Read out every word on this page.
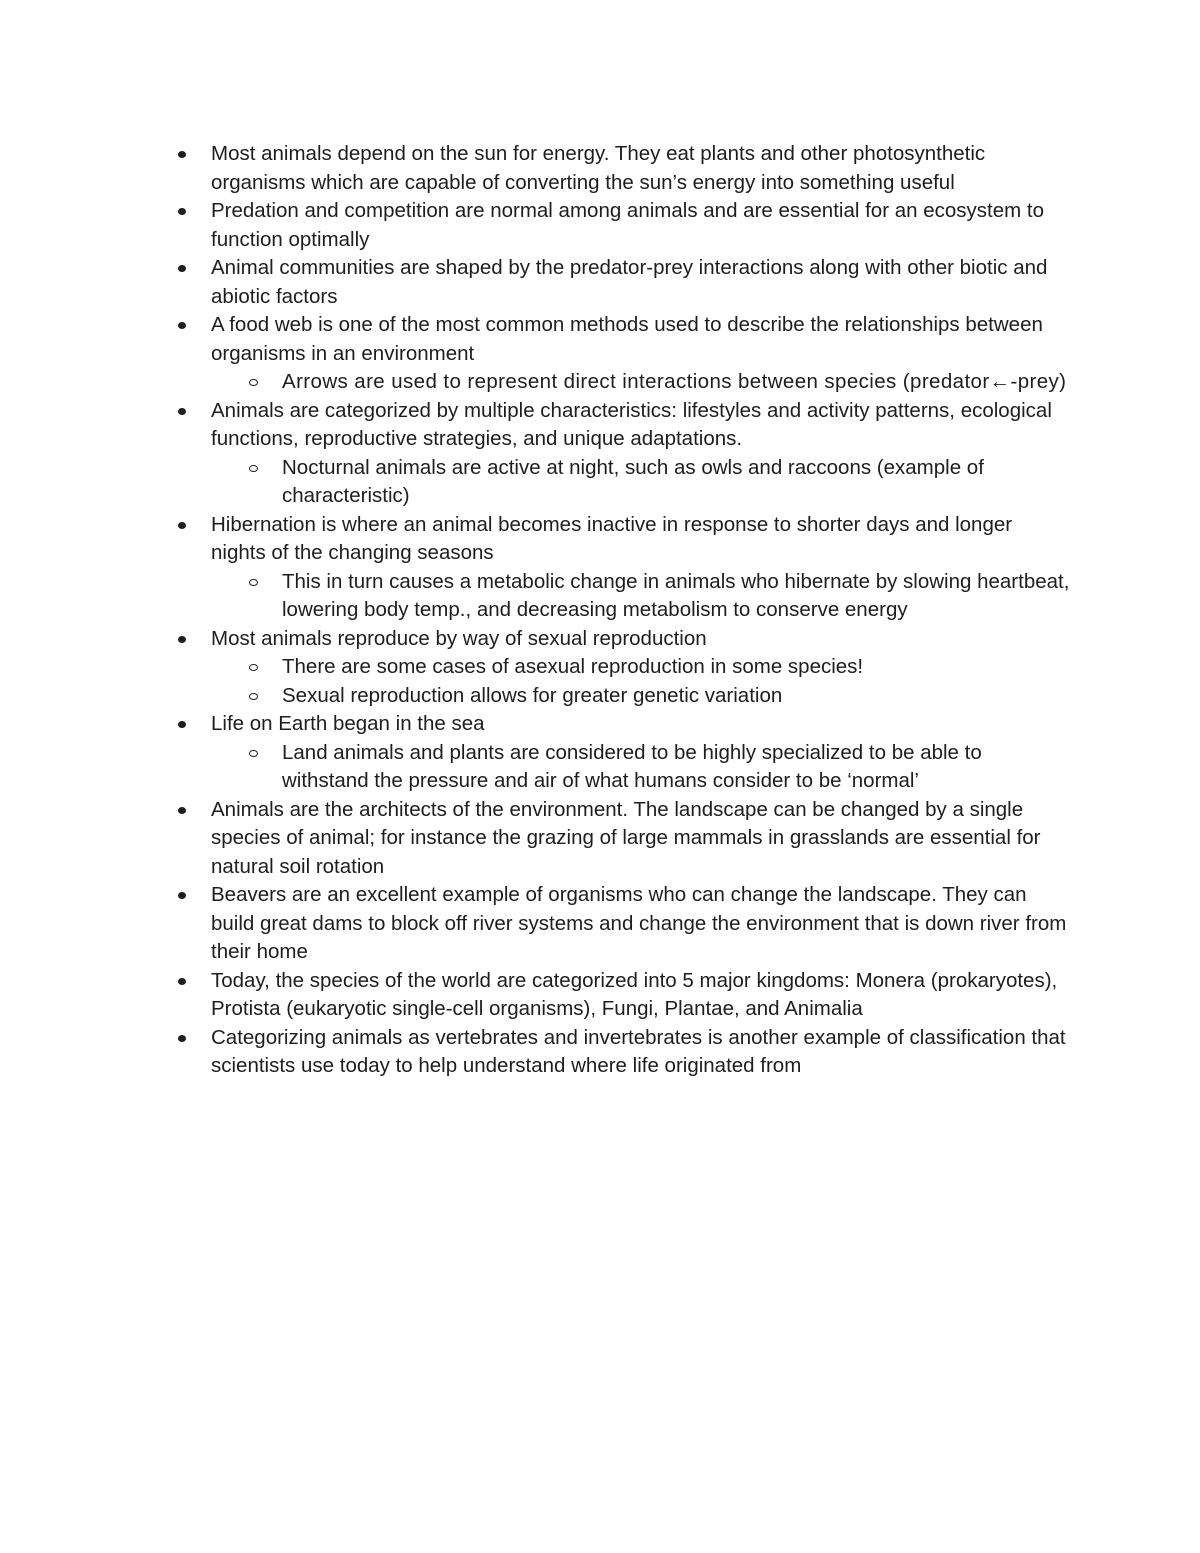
Most animals depend on the sun for energy. They eat plants and other photosynthetic organisms which are capable of converting the sun’s energy into something useful
Predation and competition are normal among animals and are essential for an ecosystem to function optimally
Animal communities are shaped by the predator-prey interactions along with other biotic and abiotic factors
A food web is one of the most common methods used to describe the relationships between organisms in an environment
Arrows are used to represent direct interactions between species (predator←-prey)
Animals are categorized by multiple characteristics: lifestyles and activity patterns, ecological functions, reproductive strategies, and unique adaptations.
Nocturnal animals are active at night, such as owls and raccoons (example of characteristic)
Hibernation is where an animal becomes inactive in response to shorter days and longer nights of the changing seasons
This in turn causes a metabolic change in animals who hibernate by slowing heartbeat, lowering body temp., and decreasing metabolism to conserve energy
Most animals reproduce by way of sexual reproduction
There are some cases of asexual reproduction in some species!
Sexual reproduction allows for greater genetic variation
Life on Earth began in the sea
Land animals and plants are considered to be highly specialized to be able to withstand the pressure and air of what humans consider to be ‘normal’
Animals are the architects of the environment. The landscape can be changed by a single species of animal; for instance the grazing of large mammals in grasslands are essential for natural soil rotation
Beavers are an excellent example of organisms who can change the landscape. They can build great dams to block off river systems and change the environment that is down river from their home
Today, the species of the world are categorized into 5 major kingdoms: Monera (prokaryotes), Protista (eukaryotic single-cell organisms), Fungi, Plantae, and Animalia
Categorizing animals as vertebrates and invertebrates is another example of classification that scientists use today to help understand where life originated from
